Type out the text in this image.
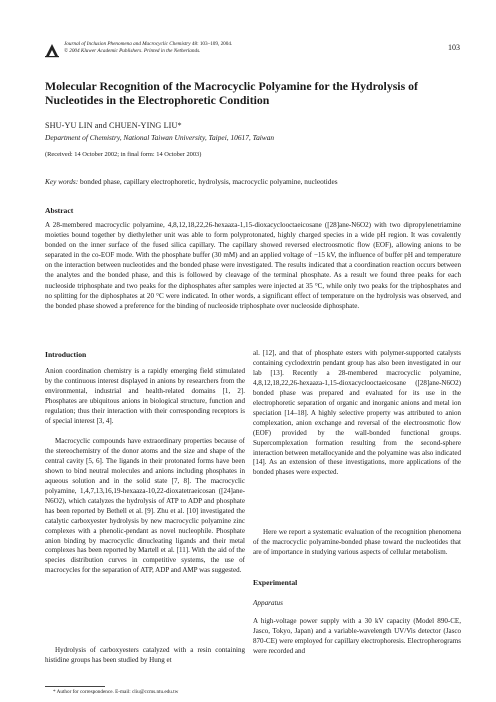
Journal of Inclusion Phenomena and Macrocyclic Chemistry 48: 103–109, 2004.
© 2004 Kluwer Academic Publishers. Printed in the Netherlands.	103
Molecular Recognition of the Macrocyclic Polyamine for the Hydrolysis of Nucleotides in the Electrophoretic Condition
SHU-YU LIN and CHUEN-YING LIU*
Department of Chemistry, National Taiwan University, Taipei, 10617, Taiwan
(Received: 14 October 2002; in final form: 14 October 2003)
Key words: bonded phase, capillary electrophoretic, hydrolysis, macrocyclic polyamine, nucleotides
Abstract

A 28-membered macrocyclic polyamine, 4,8,12,18,22,26-hexaaza-1,15-dioxacyclooctaeicosane ([28]ane-N6O2) with two dipropylenetriamine moieties bound together by diethylether unit was able to form polyprotonated, highly charged species in a wide pH region. It was covalently bonded on the inner surface of the fused silica capillary. The capillary showed reversed electroosmotic flow (EOF), allowing anions to be separated in the co-EOF mode. With the phosphate buffer (30 mM) and an applied voltage of −15 kV, the influence of buffer pH and temperature on the interaction between nucleotides and the bonded phase were investigated. The results indicated that a coordination reaction occurs between the analytes and the bonded phase, and this is followed by cleavage of the terminal phosphate. As a result we found three peaks for each nucleoside triphosphate and two peaks for the diphosphates after samples were injected at 35 °C, while only two peaks for the triphosphates and no splitting for the diphosphates at 20 °C were indicated. In other words, a significant effect of temperature on the hydrolysis was observed, and the bonded phase showed a preference for the binding of nucleoside triphosphate over nucleoside diphosphate.

Introduction

Anion coordination chemistry is a rapidly emerging field stimulated by the continuous interest displayed in anions by researchers from the environmental, industrial and health-related domains [1, 2]. Phosphates are ubiquitous anions in biological structure, function and regulation; thus their interaction with their corresponding receptors is of special interest [3, 4].

Macrocyclic compounds have extraordinary properties because of the stereochemistry of the donor atoms and the size and shape of the central cavity [5, 6]. The ligands in their protonated forms have been shown to bind neutral molecules and anions including phosphates in aqueous solution and in the solid state [7, 8]. The macrocyclic polyamine, 1,4,7,13,16,19-hexaaza-10,22-dioxatetraeicosan ([24]ane-N6O2), which catalyzes the hydrolysis of ATP to ADP and phosphate has been reported by Bethell et al. [9]. Zhu et al. [10] investigated the catalytic carboxyester hydrolysis by new macrocyclic polyamine zinc complexes with a phenolic-pendant as novel nucleophile. Phosphate anion binding by macrocyclic dinucleating ligands and their metal complexes has been reported by Martell et al. [11]. With the aid of the species distribution curves in competitive systems, the use of macrocycles for the separation of ATP, ADP and AMP was suggested.

Hydrolysis of carboxyesters catalyzed with a resin containing histidine groups has been studied by Hung et

al. [12], and that of phosphate esters with polymer-supported catalysts containing cyclodextrin pendant group has also been investigated in our lab [13]. Recently a 28-membered macrocyclic polyamine, 4,8,12,18,22,26-hexaaza-1,15-dioxacyclooctaeicosane ([28]ane-N6O2) bonded phase was prepared and evaluated for its use in the electrophoretic separation of organic and inorganic anions and metal ion speciation [14–18]. A highly selective property was attributed to anion complexation, anion exchange and reversal of the electroosmotic flow (EOF) provided by the wall-bonded functional groups. Supercomplexation formation resulting from the second-sphere interaction between metallocyanide and the polyamine was also indicated [14]. As an extension of these investigations, more applications of the bonded phases were expected.

Here we report a systematic evaluation of the recognition phenomena of the macrocyclic polyamine-bonded phase toward the nucleotides that are of importance in studying various aspects of cellular metabolism.

Experimental
Apparatus

A high-voltage power supply with a 30 kV capacity (Model 890-CE, Jasco, Tokyo, Japan) and a variable-wavelength UV/Vis detector (Jasco 870-CE) were employed for capillary electrophoresis. Electropherograms were recorded and

* Author for correspondence. E-mail: cliu@ccms.ntu.edu.tw
